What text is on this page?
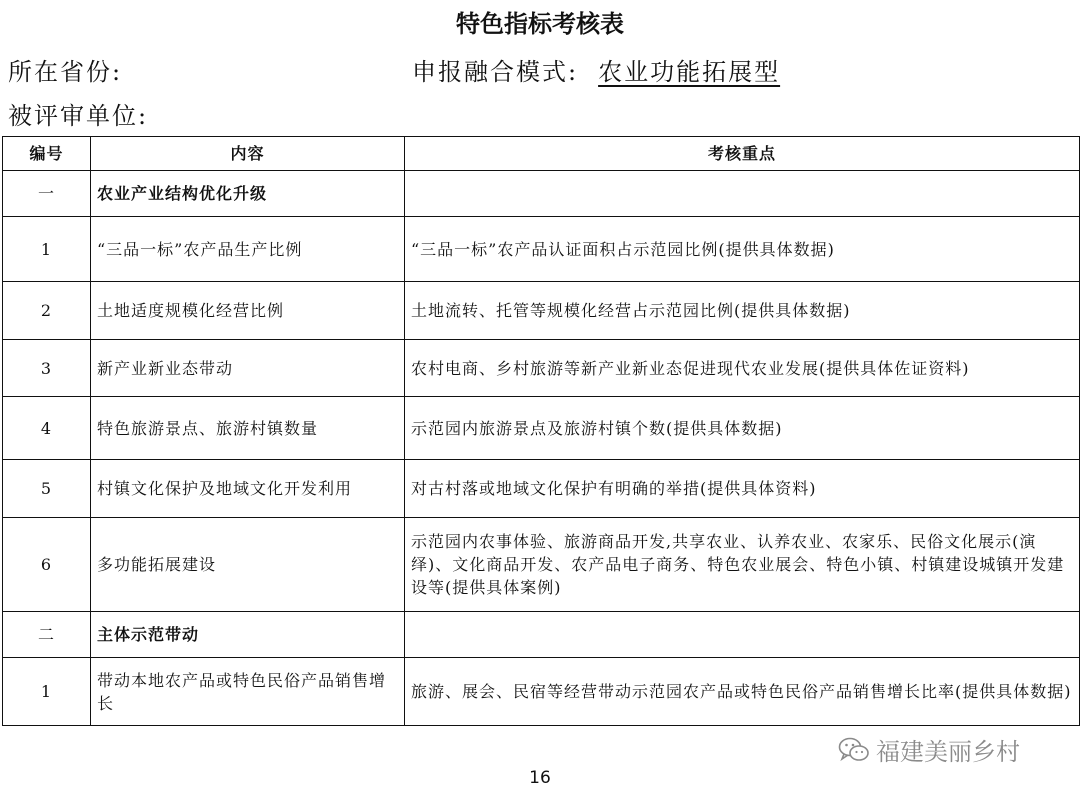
特色指标考核表
所在省份:	申报融合模式: 农业功能拓展型
被评审单位:
编号	内容	考核重点
一	农业产业结构优化升级	
1	“三品一标”农产品生产比例	“三品一标”农产品认证面积占示范园比例(提供具体数据)
2	土地适度规模化经营比例	土地流转、托管等规模化经营占示范园比例(提供具体数据)
3	新产业新业态带动	农村电商、乡村旅游等新产业新业态促进现代农业发展(提供具体佐证资料)
4	特色旅游景点、旅游村镇数量	示范园内旅游景点及旅游村镇个数(提供具体数据)
5	村镇文化保护及地域文化开发利用	对古村落或地域文化保护有明确的举措(提供具体资料)
6	多功能拓展建设	示范园内农事体验、旅游商品开发,共享农业、认养农业、农家乐、民俗文化展示(演绎)、文化商品开发、农产品电子商务、特色农业展会、特色小镇、村镇建设城镇开发建设等(提供具体案例)
二	主体示范带动	
1	带动本地农产品或特色民俗产品销售增长	旅游、展会、民宿等经营带动示范园农产品或特色民俗产品销售增长比率(提供具体数据)
福建美丽乡村
16
